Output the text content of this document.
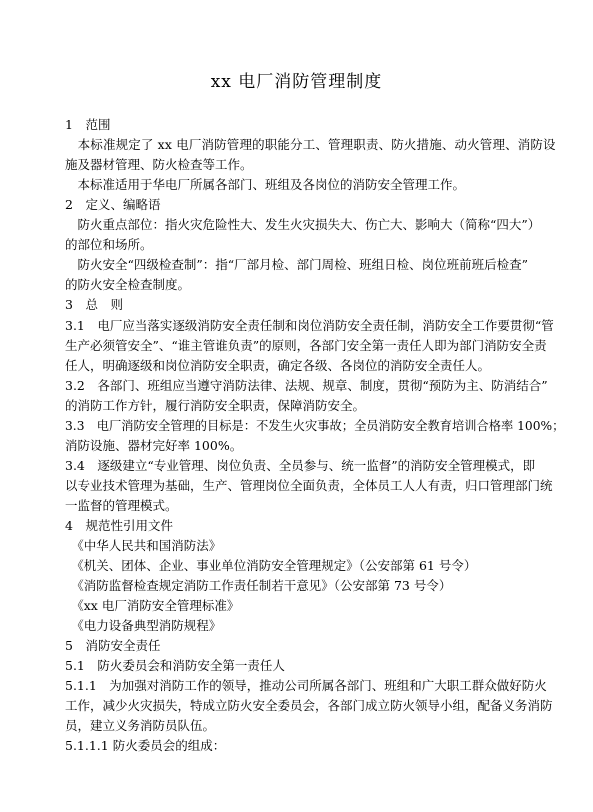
xx 电厂消防管理制度
1　范围
　本标准规定了 xx 电厂消防管理的职能分工、管理职责、防火措施、动火管理、消防设
施及器材管理、防火检查等工作。
　本标准适用于华电厂所属各部门、班组及各岗位的消防安全管理工作。
2　定义、编略语
　防火重点部位：指火灾危险性大、发生火灾损失大、伤亡大、影响大（简称“四大”）
的部位和场所。
　防火安全“四级检查制”：指“厂部月检、部门周检、班组日检、岗位班前班后检查”
的防火安全检查制度。
3　总　则
3.1　电厂应当落实逐级消防安全责任制和岗位消防安全责任制，消防安全工作要贯彻“管
生产必须管安全”、“谁主管谁负责”的原则，各部门安全第一责任人即为部门消防安全责
任人，明确逐级和岗位消防安全职责，确定各级、各岗位的消防安全责任人。
3.2　各部门、班组应当遵守消防法律、法规、规章、制度，贯彻“预防为主、防消结合”
的消防工作方针，履行消防安全职责，保障消防安全。
3.3　电厂消防安全管理的目标是：不发生火灾事故；全员消防安全教育培训合格率 100%；
消防设施、器材完好率 100%。
3.4　逐级建立“专业管理、岗位负责、全员参与、统一监督”的消防安全管理模式，即
以专业技术管理为基础，生产、管理岗位全面负责，全体员工人人有责，归口管理部门统
一监督的管理模式。
4　规范性引用文件
　《中华人民共和国消防法》
　《机关、团体、企业、事业单位消防安全管理规定》（公安部第 61 号令）
　《消防监督检查规定消防工作责任制若干意见》（公安部第 73 号令）
　《xx 电厂消防安全管理标准》
　《电力设备典型消防规程》
5　消防安全责任
5.1　防火委员会和消防安全第一责任人
5.1.1　为加强对消防工作的领导，推动公司所属各部门、班组和广大职工群众做好防火
工作，减少火灾损失，特成立防火安全委员会，各部门成立防火领导小组，配备义务消防
员，建立义务消防员队伍。
5.1.1.1 防火委员会的组成：
